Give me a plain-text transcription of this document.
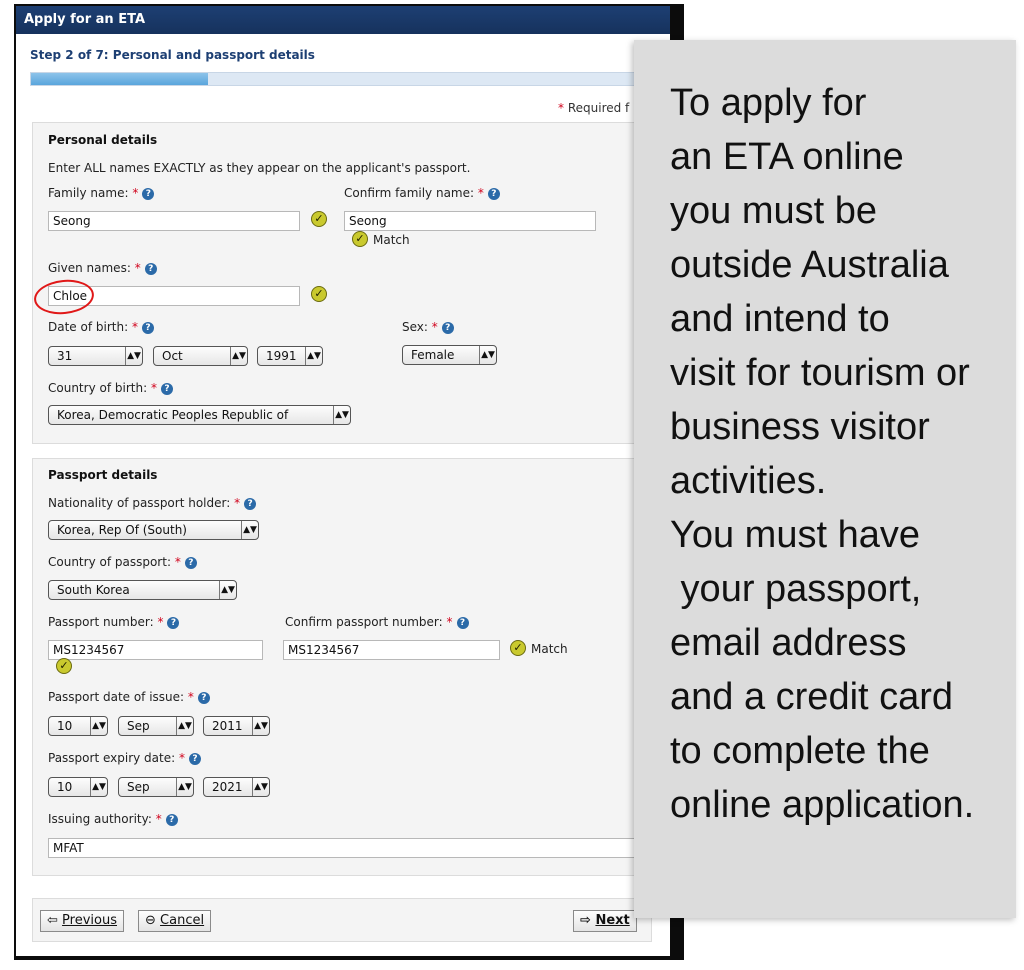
Apply for an ETA
Step 2 of 7: Personal and passport details
* Required f
Personal details
Enter ALL names EXACTLY as they appear on the applicant's passport.
Family name: * ?
Seong	✓
Confirm family name: * ?
Seong
✓ Match
Given names: * ?
Chloe	✓
Date of birth: * ?
31	▲▼	Oct	▲▼	1991 ▲▼
Sex: * ?
Female	▲▼
Country of birth: * ?
Korea, Democratic Peoples Republic of	▲▼
Passport details
Nationality of passport holder: * ?
Korea, Rep Of (South)	▲▼
Country of passport: * ?
South Korea	▲▼
Passport number: * ?
MS1234567
✓
Confirm passport number: * ?
MS1234567	✓ Match
Passport date of issue: * ?
10 ▲▼	Sep	▲▼	2011 ▲▼
Passport expiry date: * ?
10 ▲▼	Sep	▲▼	2021 ▲▼
Issuing authority: * ?
MFAT
⇦ Previous	⊖ Cancel	⇨ Next
To apply for
an ETA online
you must be
outside Australia
and intend to
visit for tourism or
business visitor
activities.
You must have
your passport,
email address
and a credit card
to complete the
online application.
